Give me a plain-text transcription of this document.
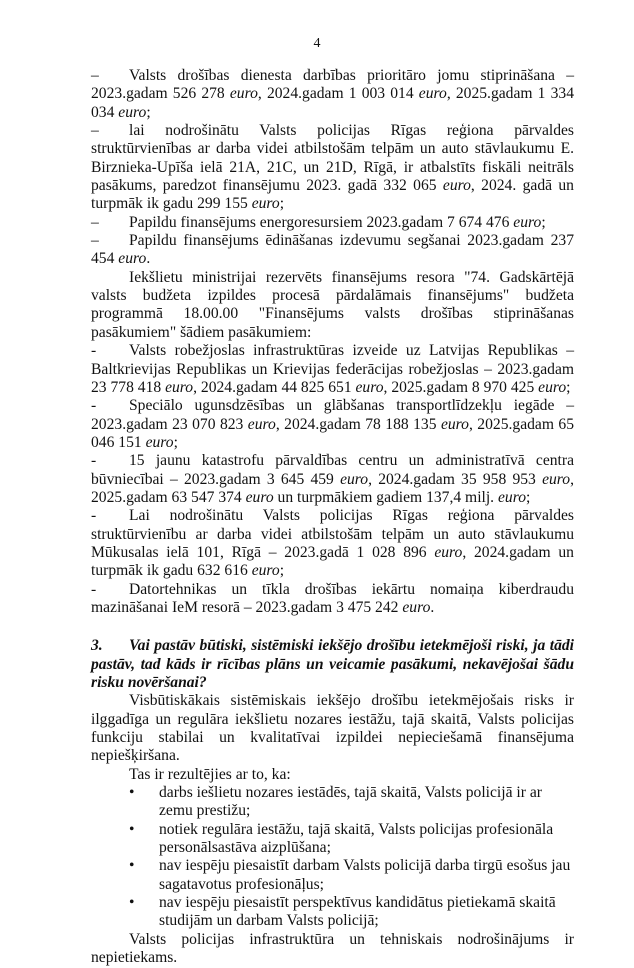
4

– Valsts drošības dienesta darbības prioritāro jomu stiprināšana – 2023.gadam 526 278 euro, 2024.gadam 1 003 014 euro, 2025.gadam 1 334 034 euro;

– lai nodrošinātu Valsts policijas Rīgas reģiona pārvaldes struktūrvienības ar darba videi atbilstošām telpām un auto stāvlaukumu E. Birznieka-Upīša ielā 21A, 21C, un 21D, Rīgā, ir atbalstīts fiskāli neitrāls pasākums, paredzot finansējumu 2023. gadā 332 065 euro, 2024. gadā un turpmāk ik gadu 299 155 euro;

– Papildu finansējums energoresursiem 2023.gadam 7 674 476 euro;

– Papildu finansējums ēdināšanas izdevumu segšanai 2023.gadam 237 454 euro.

Iekšlietu ministrijai rezervēts finansējums resora "74. Gadskārtējā valsts budžeta izpildes procesā pārdalāmais finansējums" budžeta programmā 18.00.00 "Finansējums valsts drošības stiprināšanas pasākumiem" šādiem pasākumiem:

- Valsts robežjoslas infrastruktūras izveide uz Latvijas Republikas – Baltkrievijas Republikas un Krievijas federācijas robežjoslas – 2023.gadam 23 778 418 euro, 2024.gadam 44 825 651 euro, 2025.gadam 8 970 425 euro;

- Speciālo ugunsdzēsības un glābšanas transportlīdzekļu iegāde – 2023.gadam 23 070 823 euro, 2024.gadam 78 188 135 euro, 2025.gadam 65 046 151 euro;

- 15 jaunu katastrofu pārvaldības centru un administratīvā centra būvniecībai – 2023.gadam 3 645 459 euro, 2024.gadam 35 958 953 euro, 2025.gadam 63 547 374 euro un turpmākiem gadiem 137,4 milj. euro;

- Lai nodrošinātu Valsts policijas Rīgas reģiona pārvaldes struktūrvienību ar darba videi atbilstošām telpām un auto stāvlaukumu Mūkusalas ielā 101, Rīgā – 2023.gadā 1 028 896 euro, 2024.gadam un turpmāk ik gadu 632 616 euro;

- Datortehnikas un tīkla drošības iekārtu nomaiņa kiberdraudu mazināšanai IeM resorā – 2023.gadam 3 475 242 euro.

3. Vai pastāv būtiski, sistēmiski iekšējo drošību ietekmējoši riski, ja tādi pastāv, tad kāds ir rīcības plāns un veicamie pasākumi, nekavējošai šādu risku novēršanai?

Visbūtiskākais sistēmiskais iekšējo drošību ietekmējošais risks ir ilggadīga un regulāra iekšlietu nozares iestāžu, tajā skaitā, Valsts policijas funkciju stabilai un kvalitatīvai izpildei nepieciešamā finansējuma nepiešķiršana.

Tas ir rezultējies ar to, ka:

• darbs iešlietu nozares iestādēs, tajā skaitā, Valsts policijā ir ar zemu prestižu;

• notiek regulāra iestāžu, tajā skaitā, Valsts policijas profesionāla personālsastāva aizplūšana;

• nav iespēju piesaistīt darbam Valsts policijā darba tirgū esošus jau sagatavotus profesionāļus;

• nav iespēju piesaistīt perspektīvus kandidātus pietiekamā skaitā studijām un darbam Valsts policijā;

Valsts policijas infrastruktūra un tehniskais nodrošinājums ir nepietiekams.
